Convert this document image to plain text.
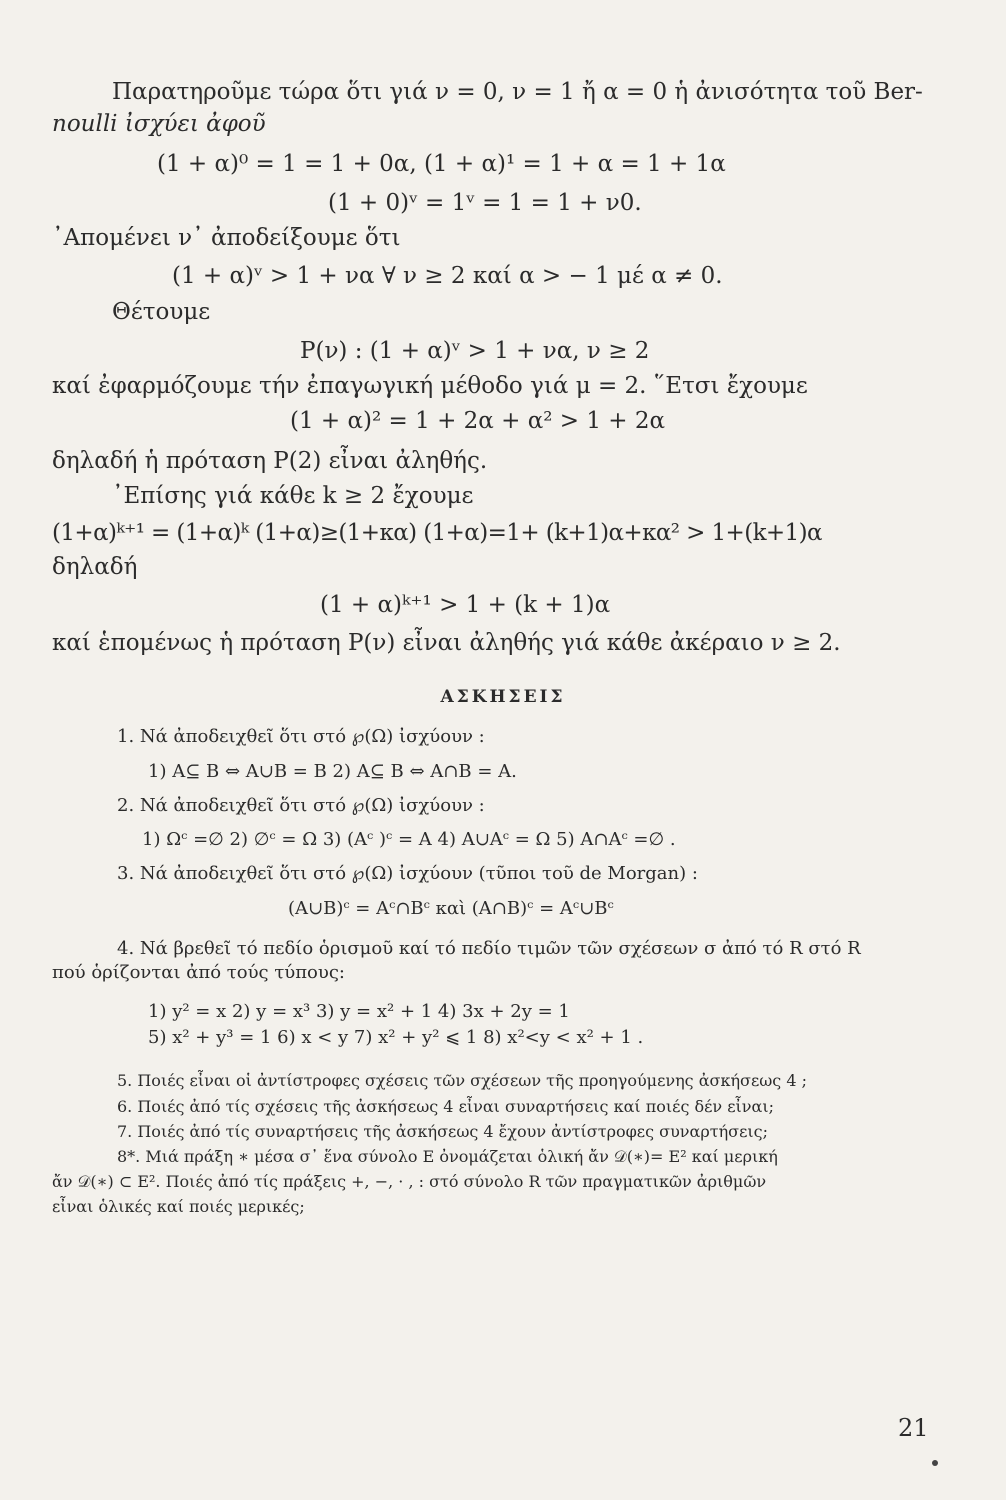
Παρατηροῦμε τώρα ὅτι γιά ν = 0, ν = 1 ἤ α = 0 ἡ ἀνισότητα τοῦ Ber-
noulli ἰσχύει ἀφοῦ
(1 + α)⁰ = 1 = 1 + 0α, (1 + α)¹ = 1 + α = 1 + 1α
(1 + 0)ᵛ = 1ᵛ = 1 = 1 + ν0.
᾿Απομένει ν᾿ ἀποδείξουμε ὅτι
(1 + α)ᵛ > 1 + να ∀ ν ≥ 2 καί α > − 1 μέ α ≠ 0.
Θέτουμε
P(ν) : (1 + α)ᵛ > 1 + να, ν ≥ 2
καί ἐφαρμόζουμε τήν ἐπαγωγική μέθοδο γιά μ = 2. ῞Ετσι ἔχουμε
(1 + α)² = 1 + 2α + α² > 1 + 2α
δηλαδή ἡ πρόταση P(2) εἶναι ἀληθής.
᾿Επίσης γιά κάθε k ≥ 2 ἔχουμε
(1+α)ᵏ⁺¹ = (1+α)ᵏ (1+α)≥(1+κα) (1+α)=1+ (k+1)α+κα² > 1+(k+1)α
δηλαδή
(1 + α)ᵏ⁺¹ > 1 + (k + 1)α
καί ἑπομένως ἡ πρόταση P(ν) εἶναι ἀληθής γιά κάθε ἀκέραιο ν ≥ 2.
ΑΣΚΗΣΕΙΣ
1. Νά ἀποδειχθεῖ ὅτι στό ℘(Ω) ἰσχύουν :
1) A⊆ B ⇔ A∪B = B 2) A⊆ B ⇔ A∩B = A.
2. Νά ἀποδειχθεῖ ὅτι στό ℘(Ω) ἰσχύουν :
1) Ωᶜ =∅ 2) ∅ᶜ = Ω 3) (Aᶜ )ᶜ = A 4) A∪Aᶜ = Ω 5) A∩Aᶜ =∅ .
3. Νά ἀποδειχθεῖ ὅτι στό ℘(Ω) ἰσχύουν (τῦποι τοῦ de Morgan) :
(A∪B)ᶜ = Aᶜ∩Bᶜ καὶ (A∩B)ᶜ = Aᶜ∪Bᶜ
4. Νά βρεθεῖ τό πεδίο ὁρισμοῦ καί τό πεδίο τιμῶν τῶν σχέσεων σ ἀπό τό R στό R
πού ὁρίζονται ἀπό τούς τύπους:
1) y² = x 2) y = x³ 3) y = x² + 1 4) 3x + 2y = 1
5) x² + y³ = 1 6) x < y 7) x² + y² ⩽ 1 8) x²<y < x² + 1 .
5. Ποιές εἶναι οἱ ἀντίστροφες σχέσεις τῶν σχέσεων τῆς προηγούμενης ἀσκήσεως 4 ;
6. Ποιές ἀπό τίς σχέσεις τῆς ἀσκήσεως 4 εἶναι συναρτήσεις καί ποιές δέν εἶναι;
7. Ποιές ἀπό τίς συναρτήσεις τῆς ἀσκήσεως 4 ἔχουν ἀντίστροφες συναρτήσεις;
8*. Μιά πράξη ∗ μέσα σ᾿ ἕνα σύνολο E ὀνομάζεται ὁλική ἄν 𝒟(∗)= E² καί μερική
ἄν 𝒟(∗) ⊂ E². Ποιές ἀπό τίς πράξεις +, −, · , : στό σύνολο R τῶν πραγματικῶν ἀριθμῶν
εἶναι ὁλικές καί ποιές μερικές;
21
